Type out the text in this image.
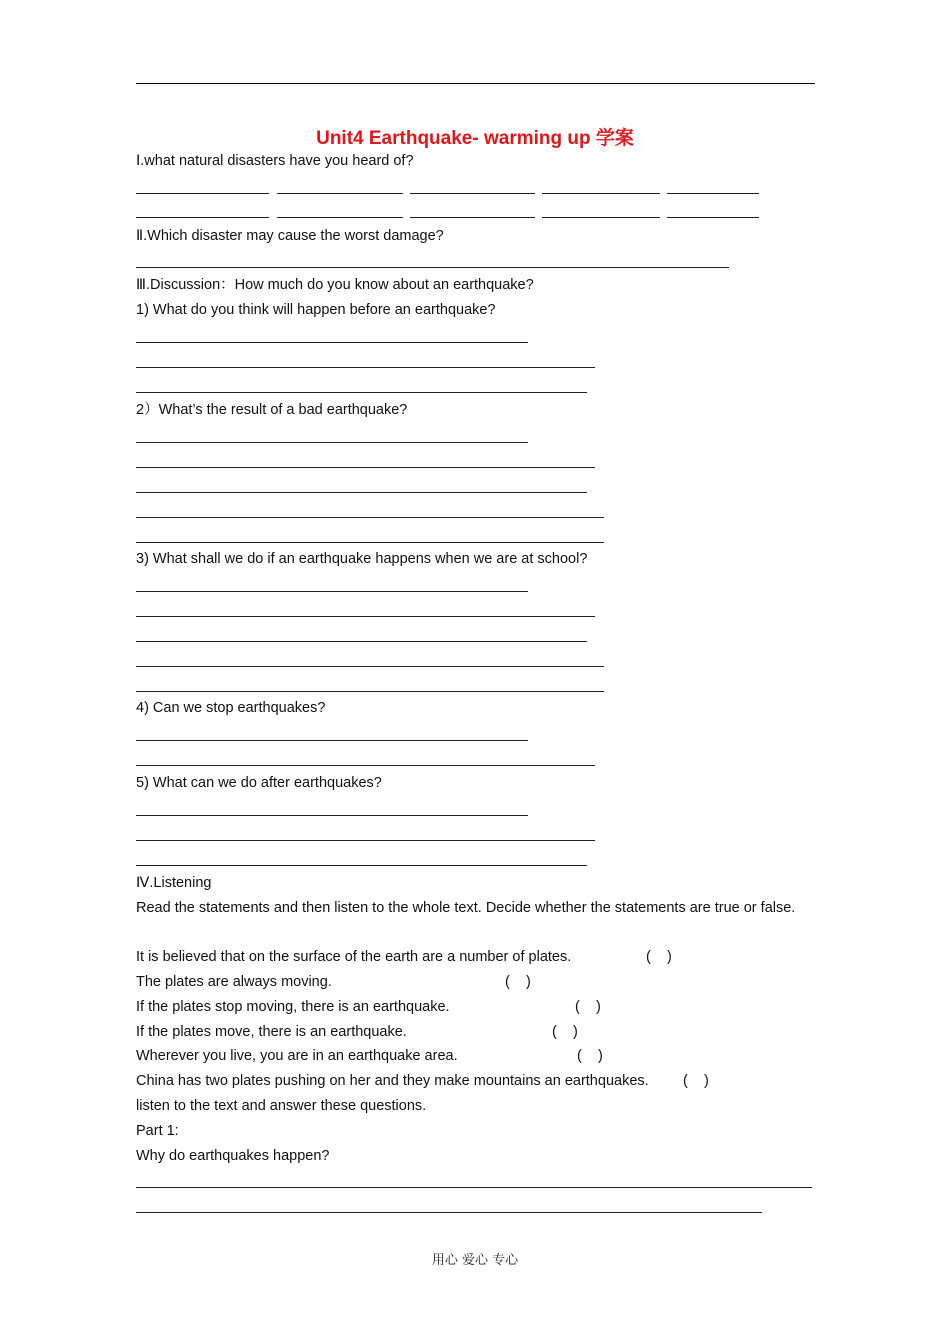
Unit4 Earthquake- warming up 学案
Ⅰ.what natural disasters have you heard of?
Ⅱ.Which disaster may cause the worst damage?
Ⅲ.Discussion：How much do you know about an earthquake?
1) What do you think will happen before an earthquake?
2）What’s the result of a bad earthquake?
3) What shall we do if an earthquake happens when we are at school?
4) Can we stop earthquakes?
5) What can we do after earthquakes?
Ⅳ.Listening
Read the statements and then listen to the whole text. Decide whether the statements are true or false.
It is believed that on the surface of the earth are a number of plates.	(    )
The plates are always moving.	(    )
If the plates stop moving, there is an earthquake.	(    )
If the plates move, there is an earthquake.	(    )
Wherever you live, you are in an earthquake area.	(    )
China has two plates pushing on her and they make mountains an earthquakes. (    )
listen to the text and answer these questions.
Part 1:
Why do earthquakes happen?
用心 爱心 专心
